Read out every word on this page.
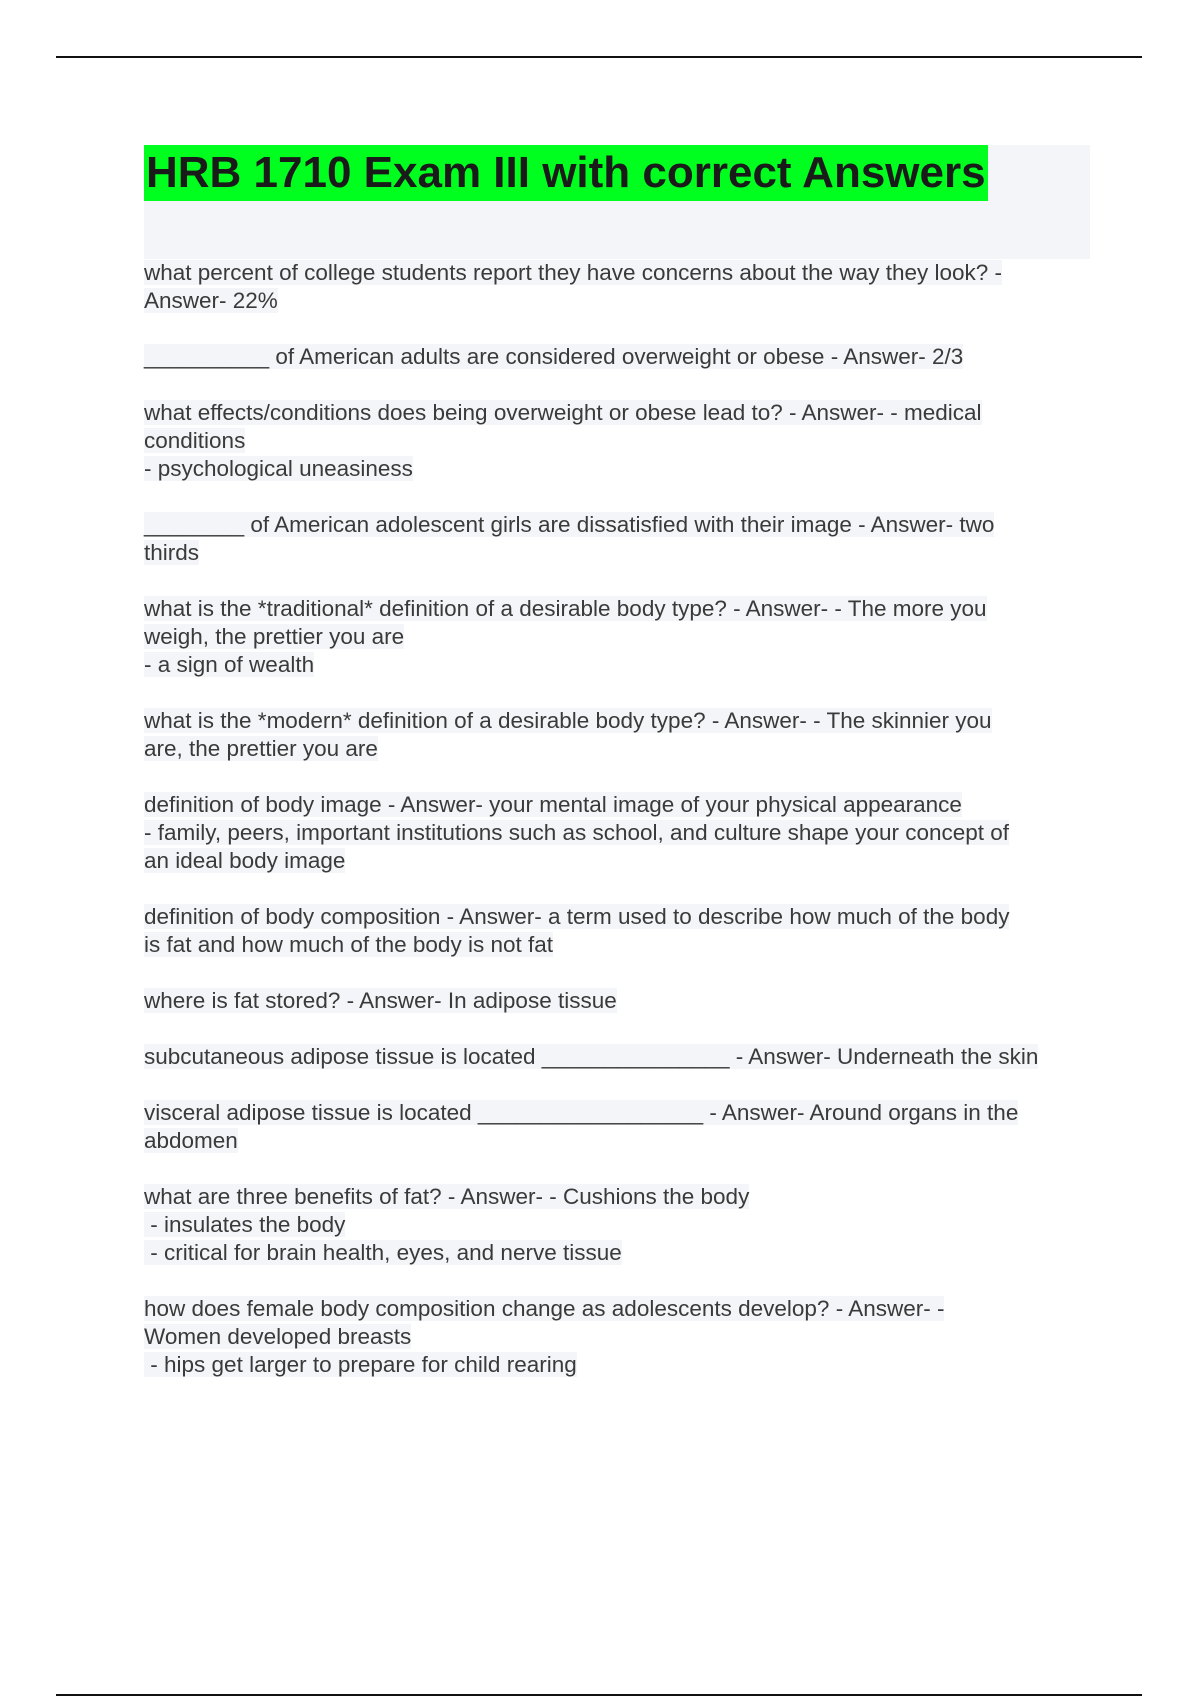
HRB 1710 Exam III with correct Answers
what percent of college students report they have concerns about the way they look? -
Answer- 22%
__________ of American adults are considered overweight or obese - Answer- 2/3
what effects/conditions does being overweight or obese lead to? - Answer- - medical
conditions
- psychological uneasiness
________ of American adolescent girls are dissatisfied with their image - Answer- two
thirds
what is the *traditional* definition of a desirable body type? - Answer- - The more you
weigh, the prettier you are
- a sign of wealth
what is the *modern* definition of a desirable body type? - Answer- - The skinnier you
are, the prettier you are
definition of body image - Answer- your mental image of your physical appearance
- family, peers, important institutions such as school, and culture shape your concept of
an ideal body image
definition of body composition - Answer- a term used to describe how much of the body
is fat and how much of the body is not fat
where is fat stored? - Answer- In adipose tissue
subcutaneous adipose tissue is located _______________ - Answer- Underneath the skin
visceral adipose tissue is located __________________ - Answer- Around organs in the
abdomen
what are three benefits of fat? - Answer- - Cushions the body
- insulates the body
- critical for brain health, eyes, and nerve tissue
how does female body composition change as adolescents develop? - Answer- -
Women developed breasts
- hips get larger to prepare for child rearing
